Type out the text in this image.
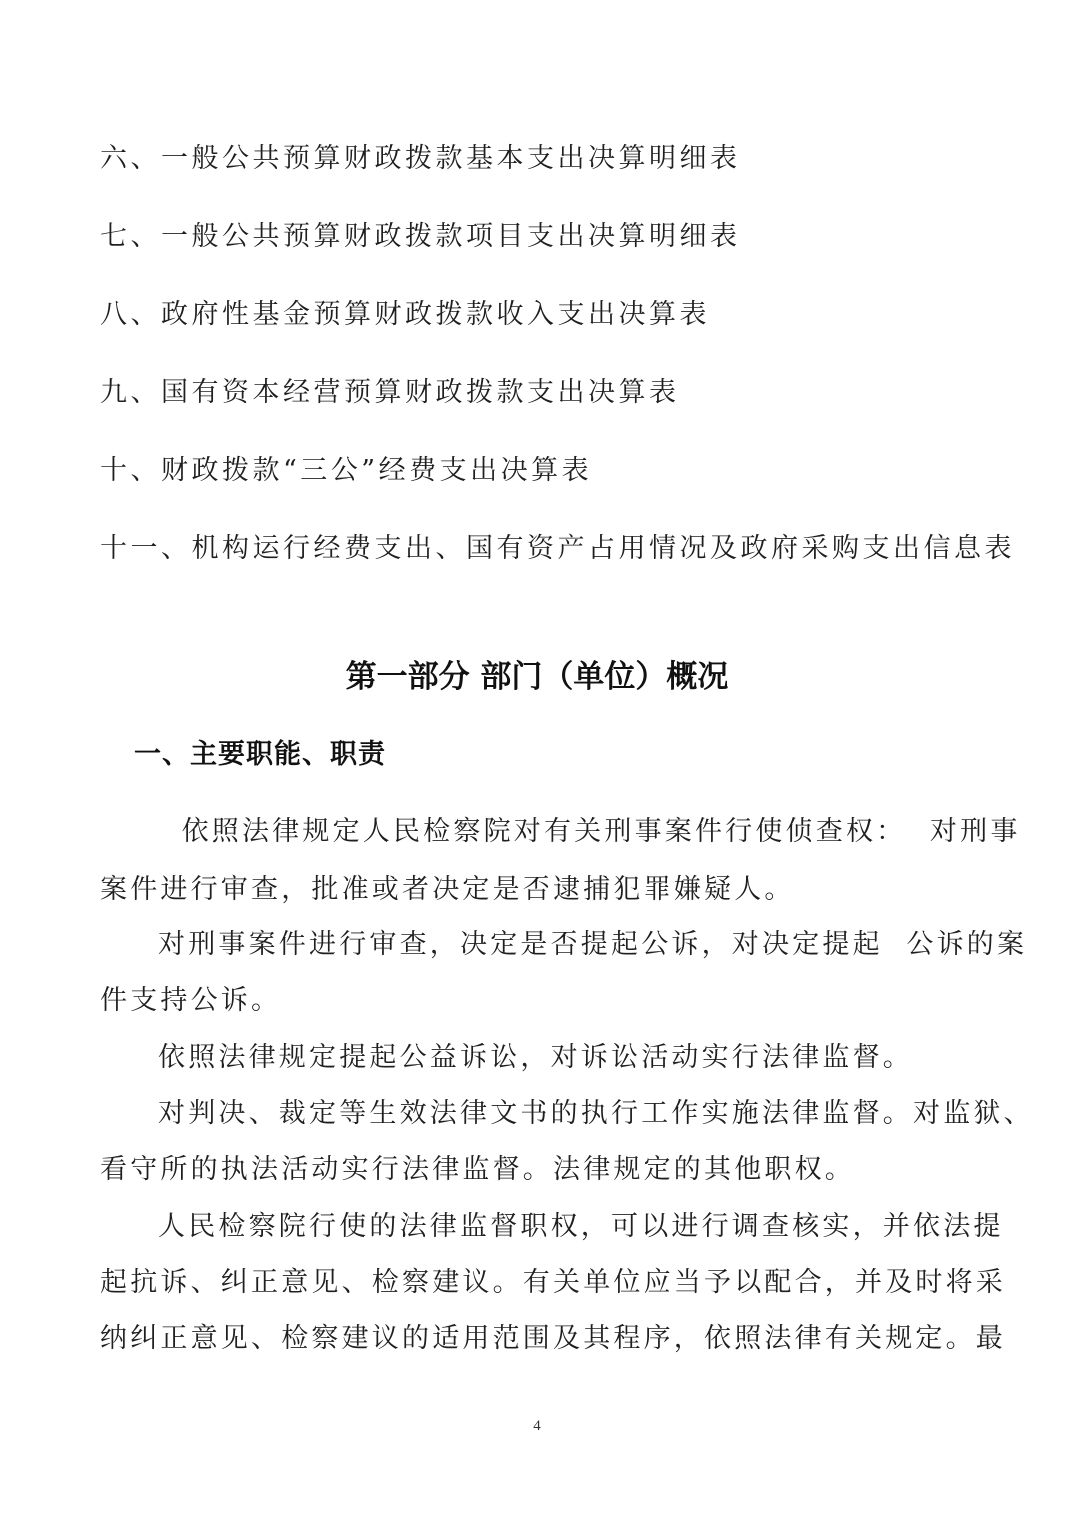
六、一般公共预算财政拨款基本支出决算明细表

七、一般公共预算财政拨款项目支出决算明细表

八、政府性基金预算财政拨款收入支出决算表

九、国有资本经营预算财政拨款支出决算表

十、财政拨款“三公”经费支出决算表

十一、机构运行经费支出、国有资产占用情况及政府采购支出信息表

第一部分 部门（单位）概况
一、主要职能、职责

依照法律规定人民检察院对有关刑事案件行使侦查权：  对刑事

案件进行审查，批准或者决定是否逮捕犯罪嫌疑人。

对刑事案件进行审查，决定是否提起公诉，对决定提起  公诉的案

件支持公诉。

依照法律规定提起公益诉讼，对诉讼活动实行法律监督。

对判决、裁定等生效法律文书的执行工作实施法律监督。对监狱、

看守所的执法活动实行法律监督。法律规定的其他职权。

人民检察院行使的法律监督职权，可以进行调查核实，并依法提

起抗诉、纠正意见、检察建议。有关单位应当予以配合，并及时将采

纳纠正意见、检察建议的适用范围及其程序，依照法律有关规定。最

4
